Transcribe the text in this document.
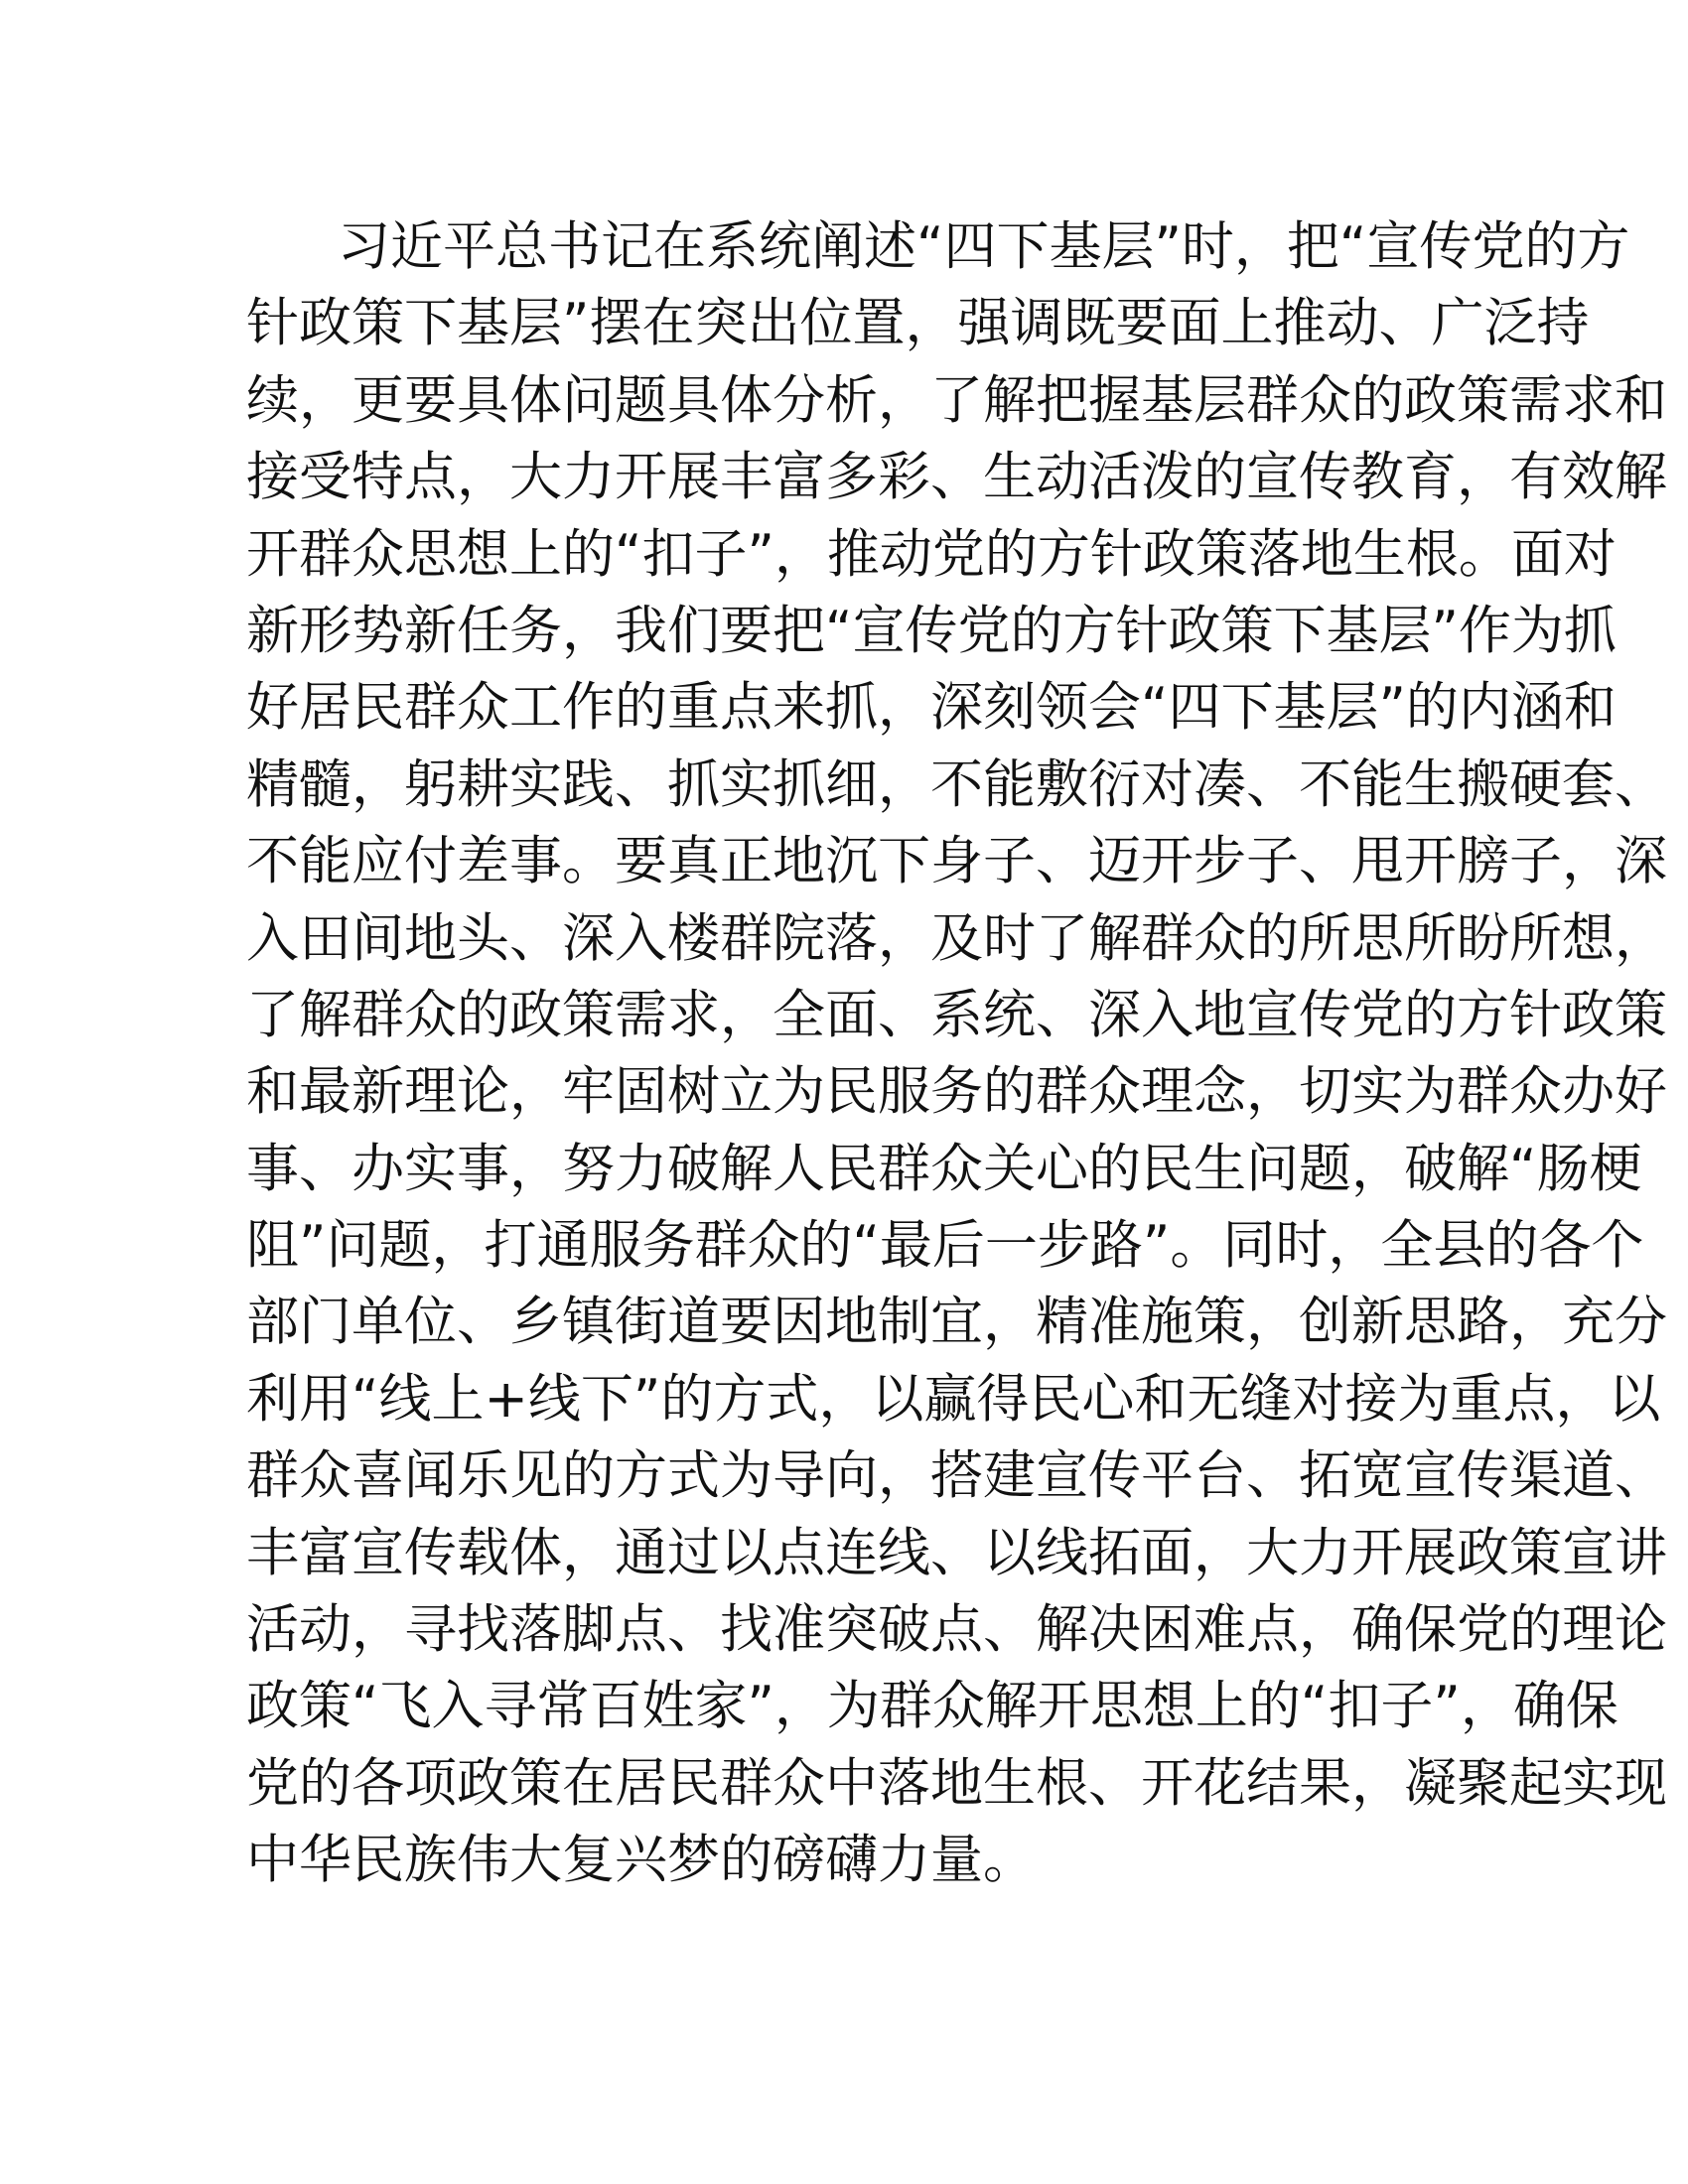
习近平总书记在系统阐述“四下基层”时，把“宣传党的方
针政策下基层”摆在突出位置，强调既要面上推动、广泛持
续，更要具体问题具体分析，了解把握基层群众的政策需求和
接受特点，大力开展丰富多彩、生动活泼的宣传教育，有效解
开群众思想上的“扣子”，推动党的方针政策落地生根。面对
新形势新任务，我们要把“宣传党的方针政策下基层”作为抓
好居民群众工作的重点来抓，深刻领会“四下基层”的内涵和
精髓，躬耕实践、抓实抓细，不能敷衍对凑、不能生搬硬套、
不能应付差事。要真正地沉下身子、迈开步子、甩开膀子，深
入田间地头、深入楼群院落，及时了解群众的所思所盼所想，
了解群众的政策需求，全面、系统、深入地宣传党的方针政策
和最新理论，牢固树立为民服务的群众理念，切实为群众办好
事、办实事，努力破解人民群众关心的民生问题，破解“肠梗
阻”问题，打通服务群众的“最后一步路”。同时，全县的各个
部门单位、乡镇街道要因地制宜，精准施策，创新思路，充分
利用“线上+线下”的方式，以赢得民心和无缝对接为重点，以
群众喜闻乐见的方式为导向，搭建宣传平台、拓宽宣传渠道、
丰富宣传载体，通过以点连线、以线拓面，大力开展政策宣讲
活动，寻找落脚点、找准突破点、解决困难点，确保党的理论
政策“飞入寻常百姓家”，为群众解开思想上的“扣子”，确保
党的各项政策在居民群众中落地生根、开花结果，凝聚起实现
中华民族伟大复兴梦的磅礴力量。
